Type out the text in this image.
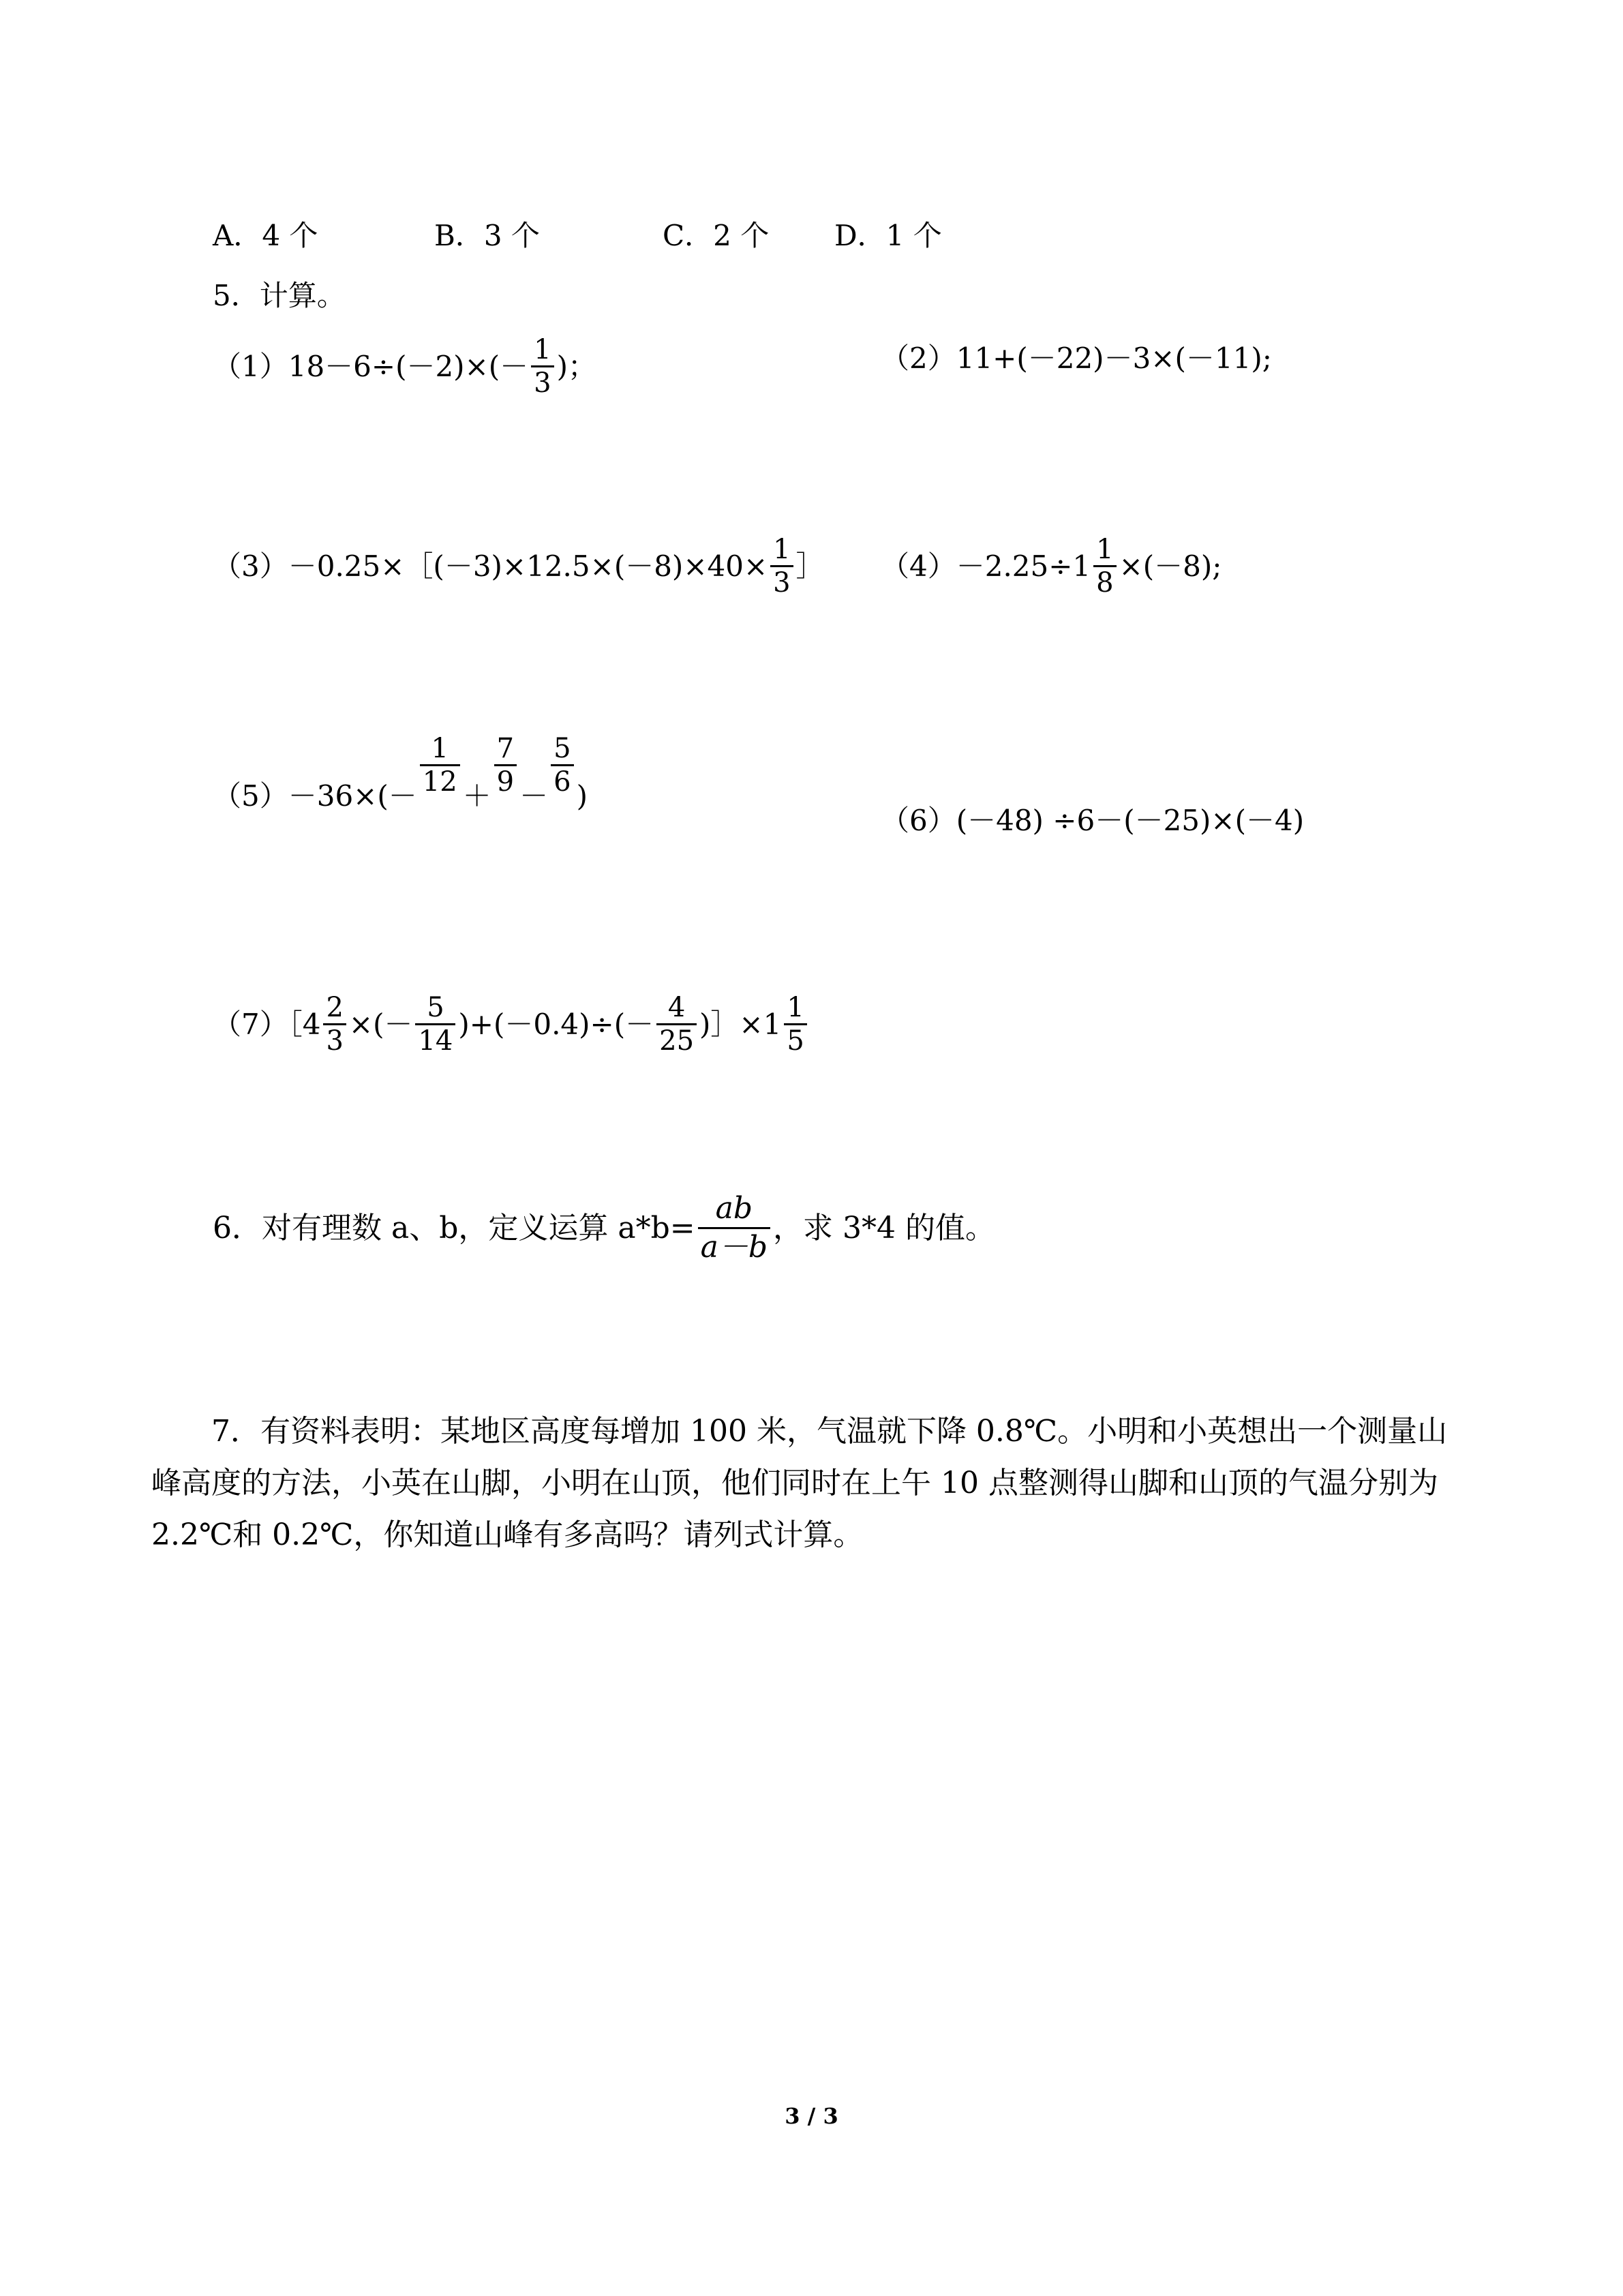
A．4 个	B．3 个	C．2 个 D．1 个
5．计算。
$(1)18-6\div(-2)\times(- \frac{1}{3}$ )；	（2）11+(－22)－3×(－11);
（3）－0.25×［(－3)×12.5×(－8)×40× $\frac{1}{3}$ ］ $(4)-2.25\div 1 \frac{1}{8} \times(-8)$;
$(5)-36\times(- \frac{1}{12} + \frac{7}{9} - \frac{5}{6}$ )
（6）(－48) ÷6－(－25)×(－4)
（7）［4 $\frac{2}{3}$ ×(－ $\frac{5}{14} )+(-0.4)\div(- \frac{4}{25}$ )］×1 $\frac{1}{5}$
6．对有理数 a、b，定义运算 $a*b= \frac{ab}{a-b}$ ，求 3*4 的值。
7．有资料表明：某地区高度每增加 100 米，气温就下降 0.8℃。小明和小英想出一个测量山峰高度的方法，小英在山脚，小明在山顶，他们同时在上午 10 点整测得山脚和山顶的气温分别为 2.2℃和 0.2℃，你知道山峰有多高吗？请列式计算。
3 / 3
